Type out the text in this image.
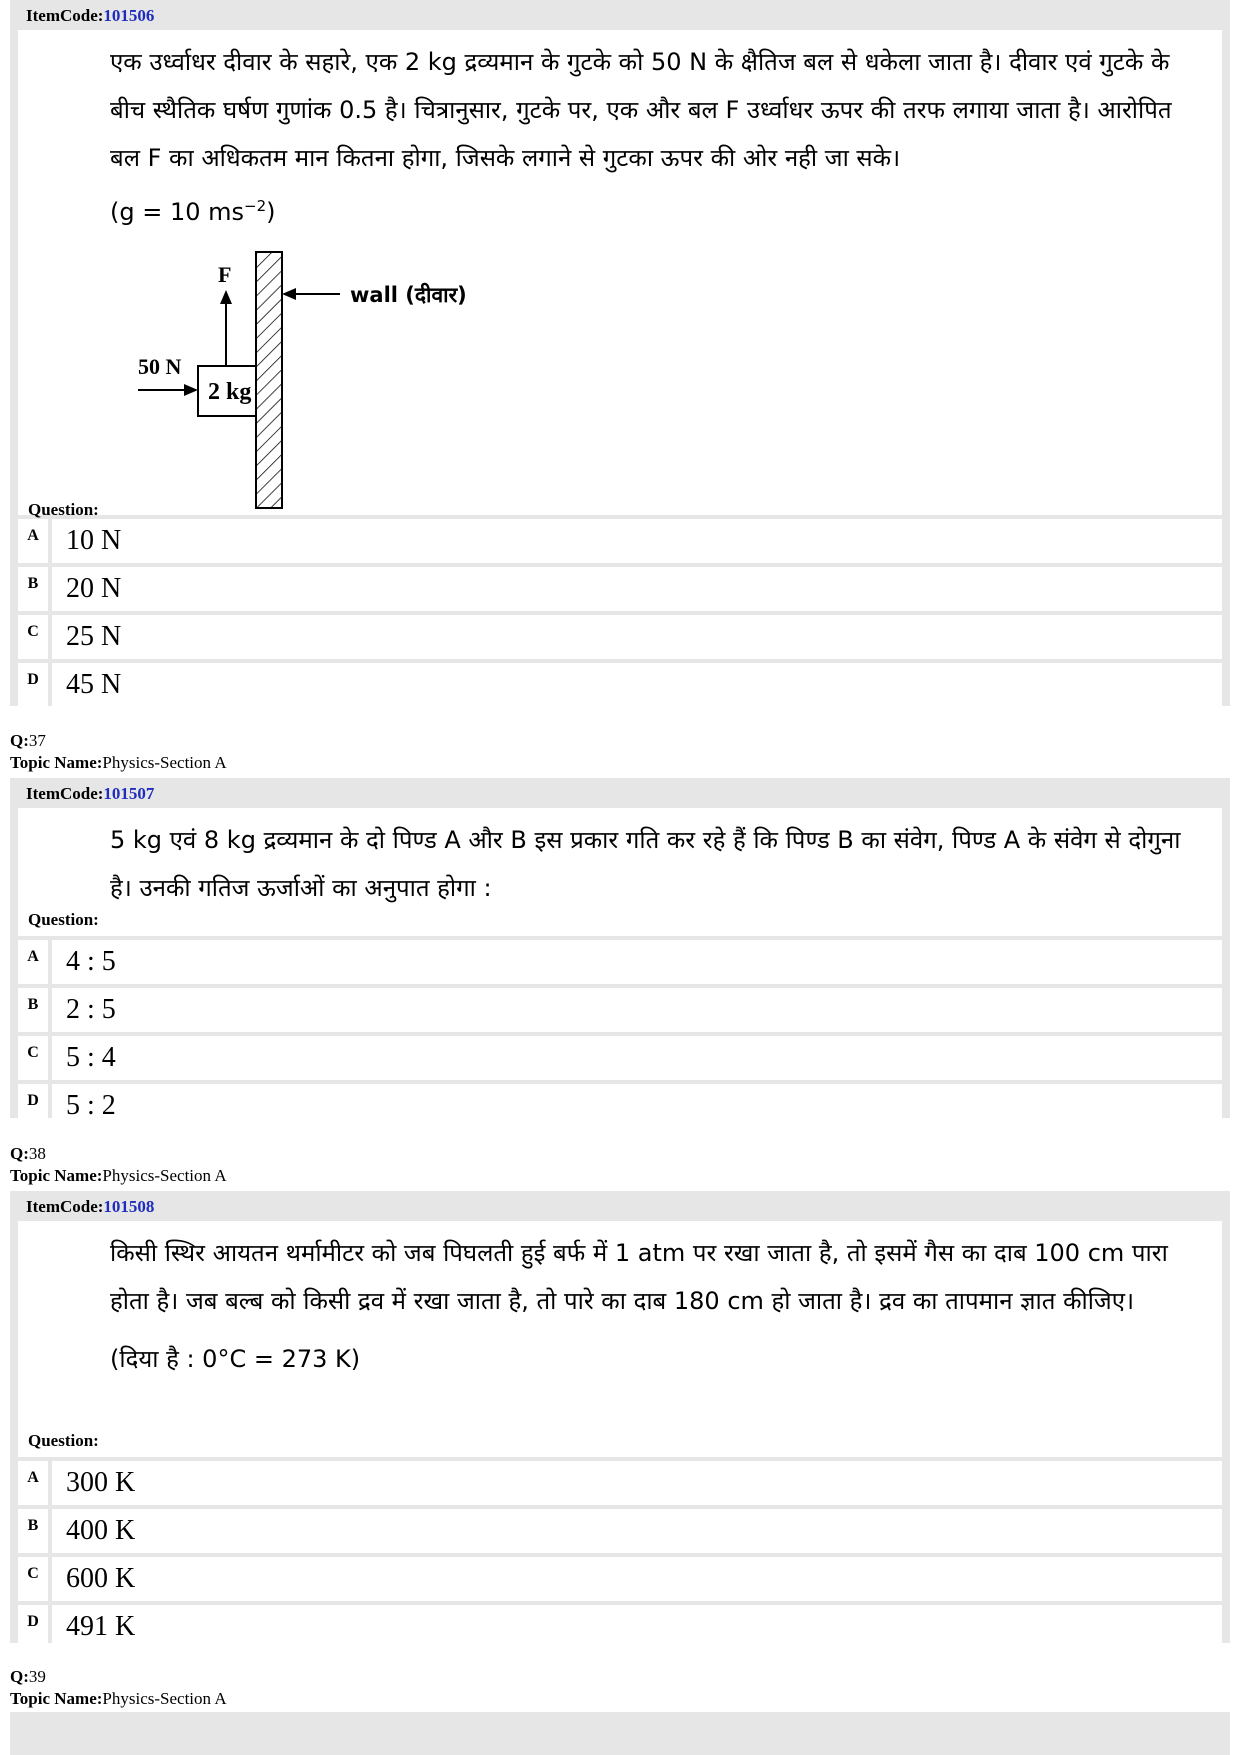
ItemCode:101506
एक उर्ध्वाधर दीवार के सहारे, एक 2 kg द्रव्यमान के गुटके को 50 N के क्षैतिज बल से धकेला जाता है। दीवार एवं गुटके के बीच स्थैतिक घर्षण गुणांक 0.5 है। चित्रानुसार, गुटके पर, एक और बल F उर्ध्वाधर ऊपर की तरफ लगाया जाता है। आरोपित बल F का अधिकतम मान कितना होगा, जिसके लगाने से गुटका ऊपर की ओर नही जा सके।
(g = 10 $ms^{-2}$)
2 kg
F
50 N
wall (दीवार)
Question:
A 10 N
B 20 N
C 25 N
D 45 N
Q:37
Topic Name:Physics-Section A
ItemCode:101507
5 kg एवं 8 kg द्रव्यमान के दो पिण्ड A और B इस प्रकार गति कर रहे हैं कि पिण्ड B का संवेग, पिण्ड A के संवेग से दोगुना है। उनकी गतिज ऊर्जाओं का अनुपात होगा :
Question:
A 4 : 5
B 2 : 5
C 5 : 4
D 5 : 2
Q:38
Topic Name:Physics-Section A
ItemCode:101508
किसी स्थिर आयतन थर्मामीटर को जब पिघलती हुई बर्फ में 1 atm पर रखा जाता है, तो इसमें गैस का दाब 100 cm पारा होता है। जब बल्ब को किसी द्रव में रखा जाता है, तो पारे का दाब 180 cm हो जाता है। द्रव का तापमान ज्ञात कीजिए।
(दिया है : 0°C = 273 K)
Question:
A 300 K
B 400 K
C 600 K
D 491 K
Q:39
Topic Name:Physics-Section A
